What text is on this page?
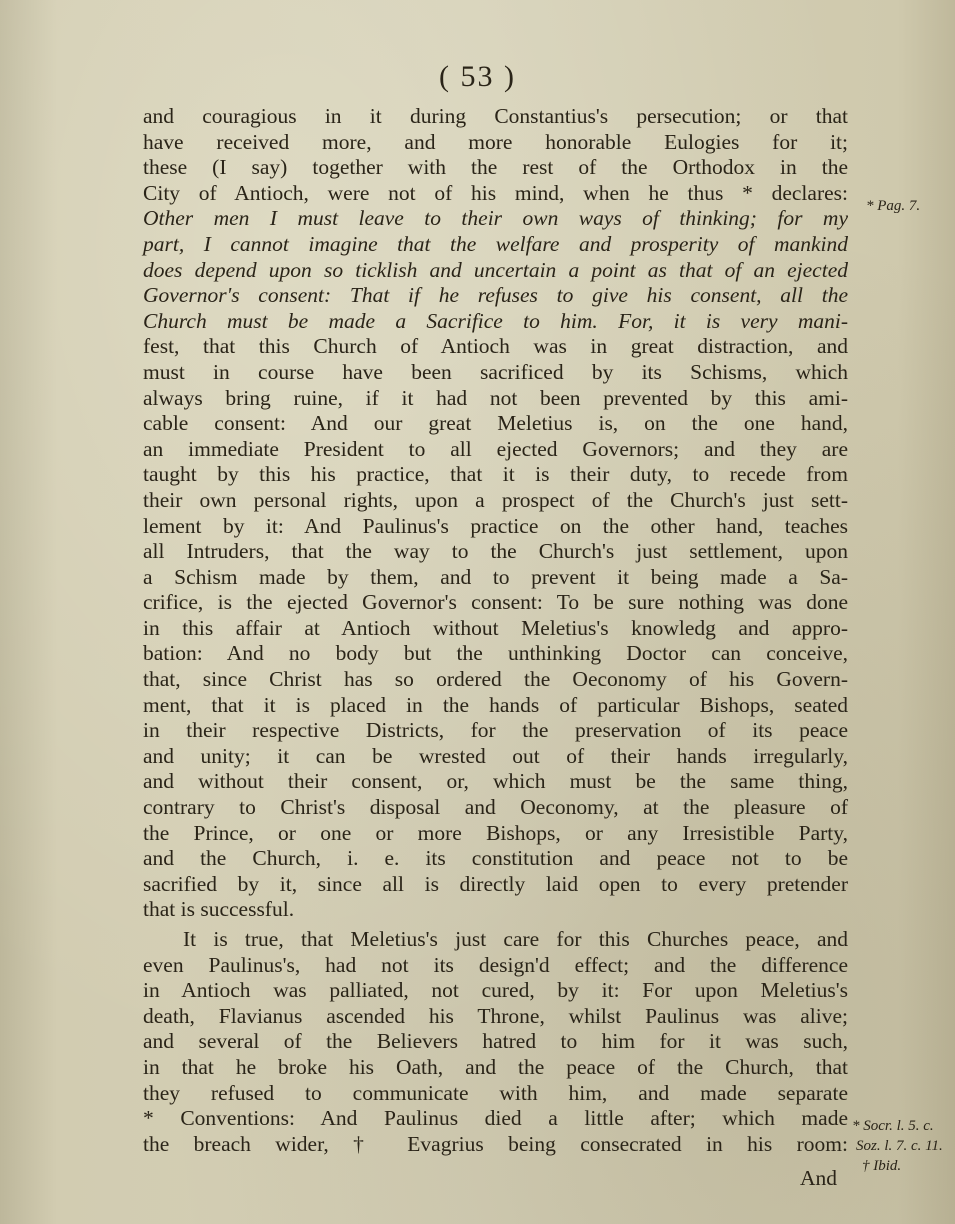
( 53 )
and couragious in it during Constantius's persecution; or that
have received more, and more honorable Eulogies for it;
these (I say) together with the rest of the Orthodox in the
City of Antioch, were not of his mind, when he thus * declares:
Other men I must leave to their own ways of thinking; for my
part, I cannot imagine that the welfare and prosperity of mankind
does depend upon so ticklish and uncertain a point as that of an ejected
Governor's consent: That if he refuses to give his consent, all the
Church must be made a Sacrifice to him. For, it is very mani-
fest, that this Church of Antioch was in great distraction, and
must in course have been sacrificed by its Schisms, which
always bring ruine, if it had not been prevented by this ami-
cable consent: And our great Meletius is, on the one hand,
an immediate President to all ejected Governors; and they are
taught by this his practice, that it is their duty, to recede from
their own personal rights, upon a prospect of the Church's just sett-
lement by it: And Paulinus's practice on the other hand, teaches
all Intruders, that the way to the Church's just settlement, upon
a Schism made by them, and to prevent it being made a Sa-
crifice, is the ejected Governor's consent: To be sure nothing was done
in this affair at Antioch without Meletius's knowledg and appro-
bation: And no body but the unthinking Doctor can conceive,
that, since Christ has so ordered the Oeconomy of his Govern-
ment, that it is placed in the hands of particular Bishops, seated
in their respective Districts, for the preservation of its peace
and unity; it can be wrested out of their hands irregularly,
and without their consent, or, which must be the same thing,
contrary to Christ's disposal and Oeconomy, at the pleasure of
the Prince, or one or more Bishops, or any Irresistible Party,
and the Church, i. e. its constitution and peace not to be
sacrified by it, since all is directly laid open to every pretender
that is successful.
It is true, that Meletius's just care for this Churches peace, and
even Paulinus's, had not its design'd effect; and the difference
in Antioch was palliated, not cured, by it: For upon Meletius's
death, Flavianus ascended his Throne, whilst Paulinus was alive;
and several of the Believers hatred to him for it was such,
in that he broke his Oath, and the peace of the Church, that
they refused to communicate with him, and made separate
* Conventions: And Paulinus died a little after; which made
the breach wider, † Evagrius being consecrated in his room:
* Pag. 7.
* Socr. l. 5. c.
Soz. l. 7. c. 11.
† Ibid.
And
